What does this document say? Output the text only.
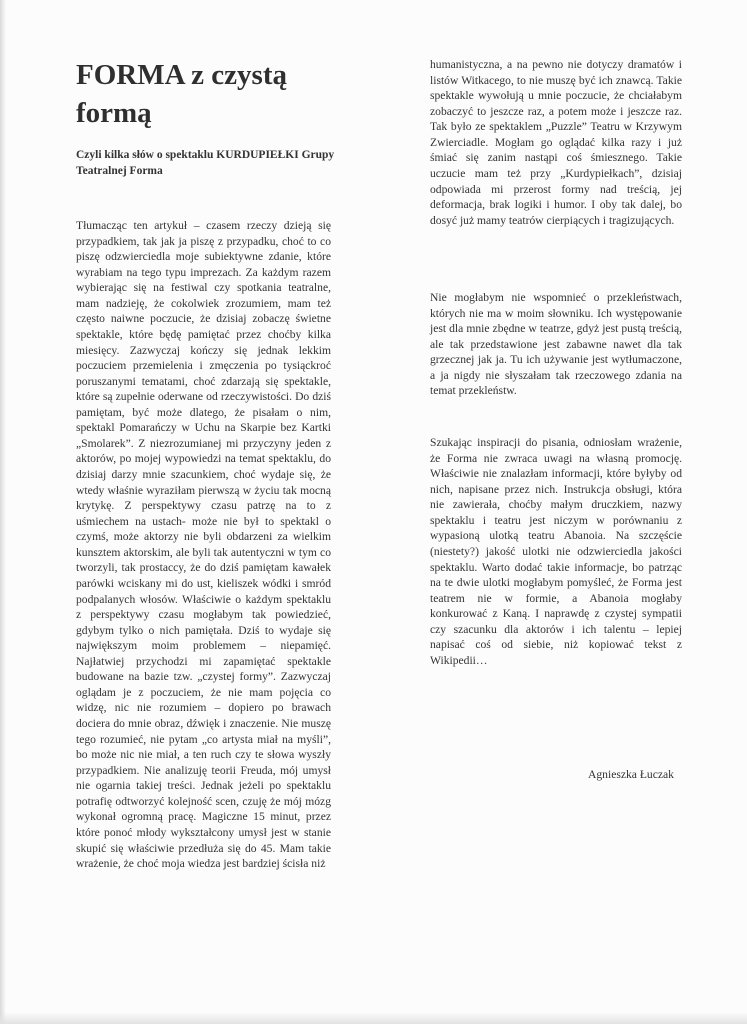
FORMA z czystą formą

Czyli kilka słów o spektaklu KURDUPIEŁKI Grupy Teatralnej Forma

Tłumacząc ten artykuł – czasem rzeczy dzieją się przypadkiem, tak jak ja piszę z przypadku, choć to co piszę odzwierciedla moje subiektywne zdanie, które wyrabiam na tego typu imprezach. Za każdym razem wybierając się na festiwal czy spotkania teatralne, mam nadzieję, że cokolwiek zrozumiem, mam też często naiwne poczucie, że dzisiaj zobaczę świetne spektakle, które będę pamiętać przez choćby kilka miesięcy. Zazwyczaj kończy się jednak lekkim poczuciem przemielenia i zmęczenia po tysiąckroć poruszanymi tematami, choć zdarzają się spektakle, które są zupełnie oderwane od rzeczywistości. Do dziś pamiętam, być może dlatego, że pisałam o nim, spektakl Pomarańczy w Uchu na Skarpie bez Kartki „Smolarek”. Z niezrozumianej mi przyczyny jeden z aktorów, po mojej wypowiedzi na temat spektaklu, do dzisiaj darzy mnie szacunkiem, choć wydaje się, że wtedy właśnie wyraziłam pierwszą w życiu tak mocną krytykę. Z perspektywy czasu patrzę na to z uśmiechem na ustach- może nie był to spektakl o czymś, może aktorzy nie byli obdarzeni za wielkim kunsztem aktorskim, ale byli tak autentyczni w tym co tworzyli, tak prostaccy, że do dziś pamiętam kawałek parówki wciskany mi do ust, kieliszek wódki i smród podpalanych włosów. Właściwie o każdym spektaklu z perspektywy czasu mogłabym tak powiedzieć, gdybym tylko o nich pamiętała. Dziś to wydaje się największym moim problemem – niepamięć. Najłatwiej przychodzi mi zapamiętać spektakle budowane na bazie tzw. „czystej formy”. Zazwyczaj oglądam je z poczuciem, że nie mam pojęcia co widzę, nic nie rozumiem – dopiero po brawach dociera do mnie obraz, dźwięk i znaczenie. Nie muszę tego rozumieć, nie pytam „co artysta miał na myśli”, bo może nic nie miał, a ten ruch czy te słowa wyszły przypadkiem. Nie analizuję teorii Freuda, mój umysł nie ogarnia takiej treści. Jednak jeżeli po spektaklu potrafię odtworzyć kolejność scen, czuję że mój mózg wykonał ogromną pracę. Magiczne 15 minut, przez które ponoć młody wykształcony umysł jest w stanie skupić się właściwie przedłuża się do 45. Mam takie wrażenie, że choć moja wiedza jest bardziej ścisła niż

humanistyczna, a na pewno nie dotyczy dramatów i listów Witkacego, to nie muszę być ich znawcą. Takie spektakle wywołują u mnie poczucie, że chciałabym zobaczyć to jeszcze raz, a potem może i jeszcze raz. Tak było ze spektaklem „Puzzle” Teatru w Krzywym Zwierciadle. Mogłam go oglądać kilka razy i już śmiać się zanim nastąpi coś śmiesznego. Takie uczucie mam też przy „Kurdypiełkach”, dzisiaj odpowiada mi przerost formy nad treścią, jej deformacja, brak logiki i humor. I oby tak dalej, bo dosyć już mamy teatrów cierpiących i tragizujących.

Nie mogłabym nie wspomnieć o przekleństwach, których nie ma w moim słowniku. Ich występowanie jest dla mnie zbędne w teatrze, gdyż jest pustą treścią, ale tak przedstawione jest zabawne nawet dla tak grzecznej jak ja. Tu ich używanie jest wytłumaczone, a ja nigdy nie słyszałam tak rzeczowego zdania na temat przekleństw.

Szukając inspiracji do pisania, odniosłam wrażenie, że Forma nie zwraca uwagi na własną promocję. Właściwie nie znalazłam informacji, które byłyby od nich, napisane przez nich. Instrukcja obsługi, która nie zawierała, choćby małym druczkiem, nazwy spektaklu i teatru jest niczym w porównaniu z wypasioną ulotką teatru Abanoia. Na szczęście (niestety?) jakość ulotki nie odzwierciedla jakości spektaklu. Warto dodać takie informacje, bo patrząc na te dwie ulotki mogłabym pomyśleć, że Forma jest teatrem nie w formie, a Abanoia mogłaby konkurować z Kaną. I naprawdę z czystej sympatii czy szacunku dla aktorów i ich talentu – lepiej napisać coś od siebie, niż kopiować tekst z Wikipedii…

Agnieszka Łuczak
